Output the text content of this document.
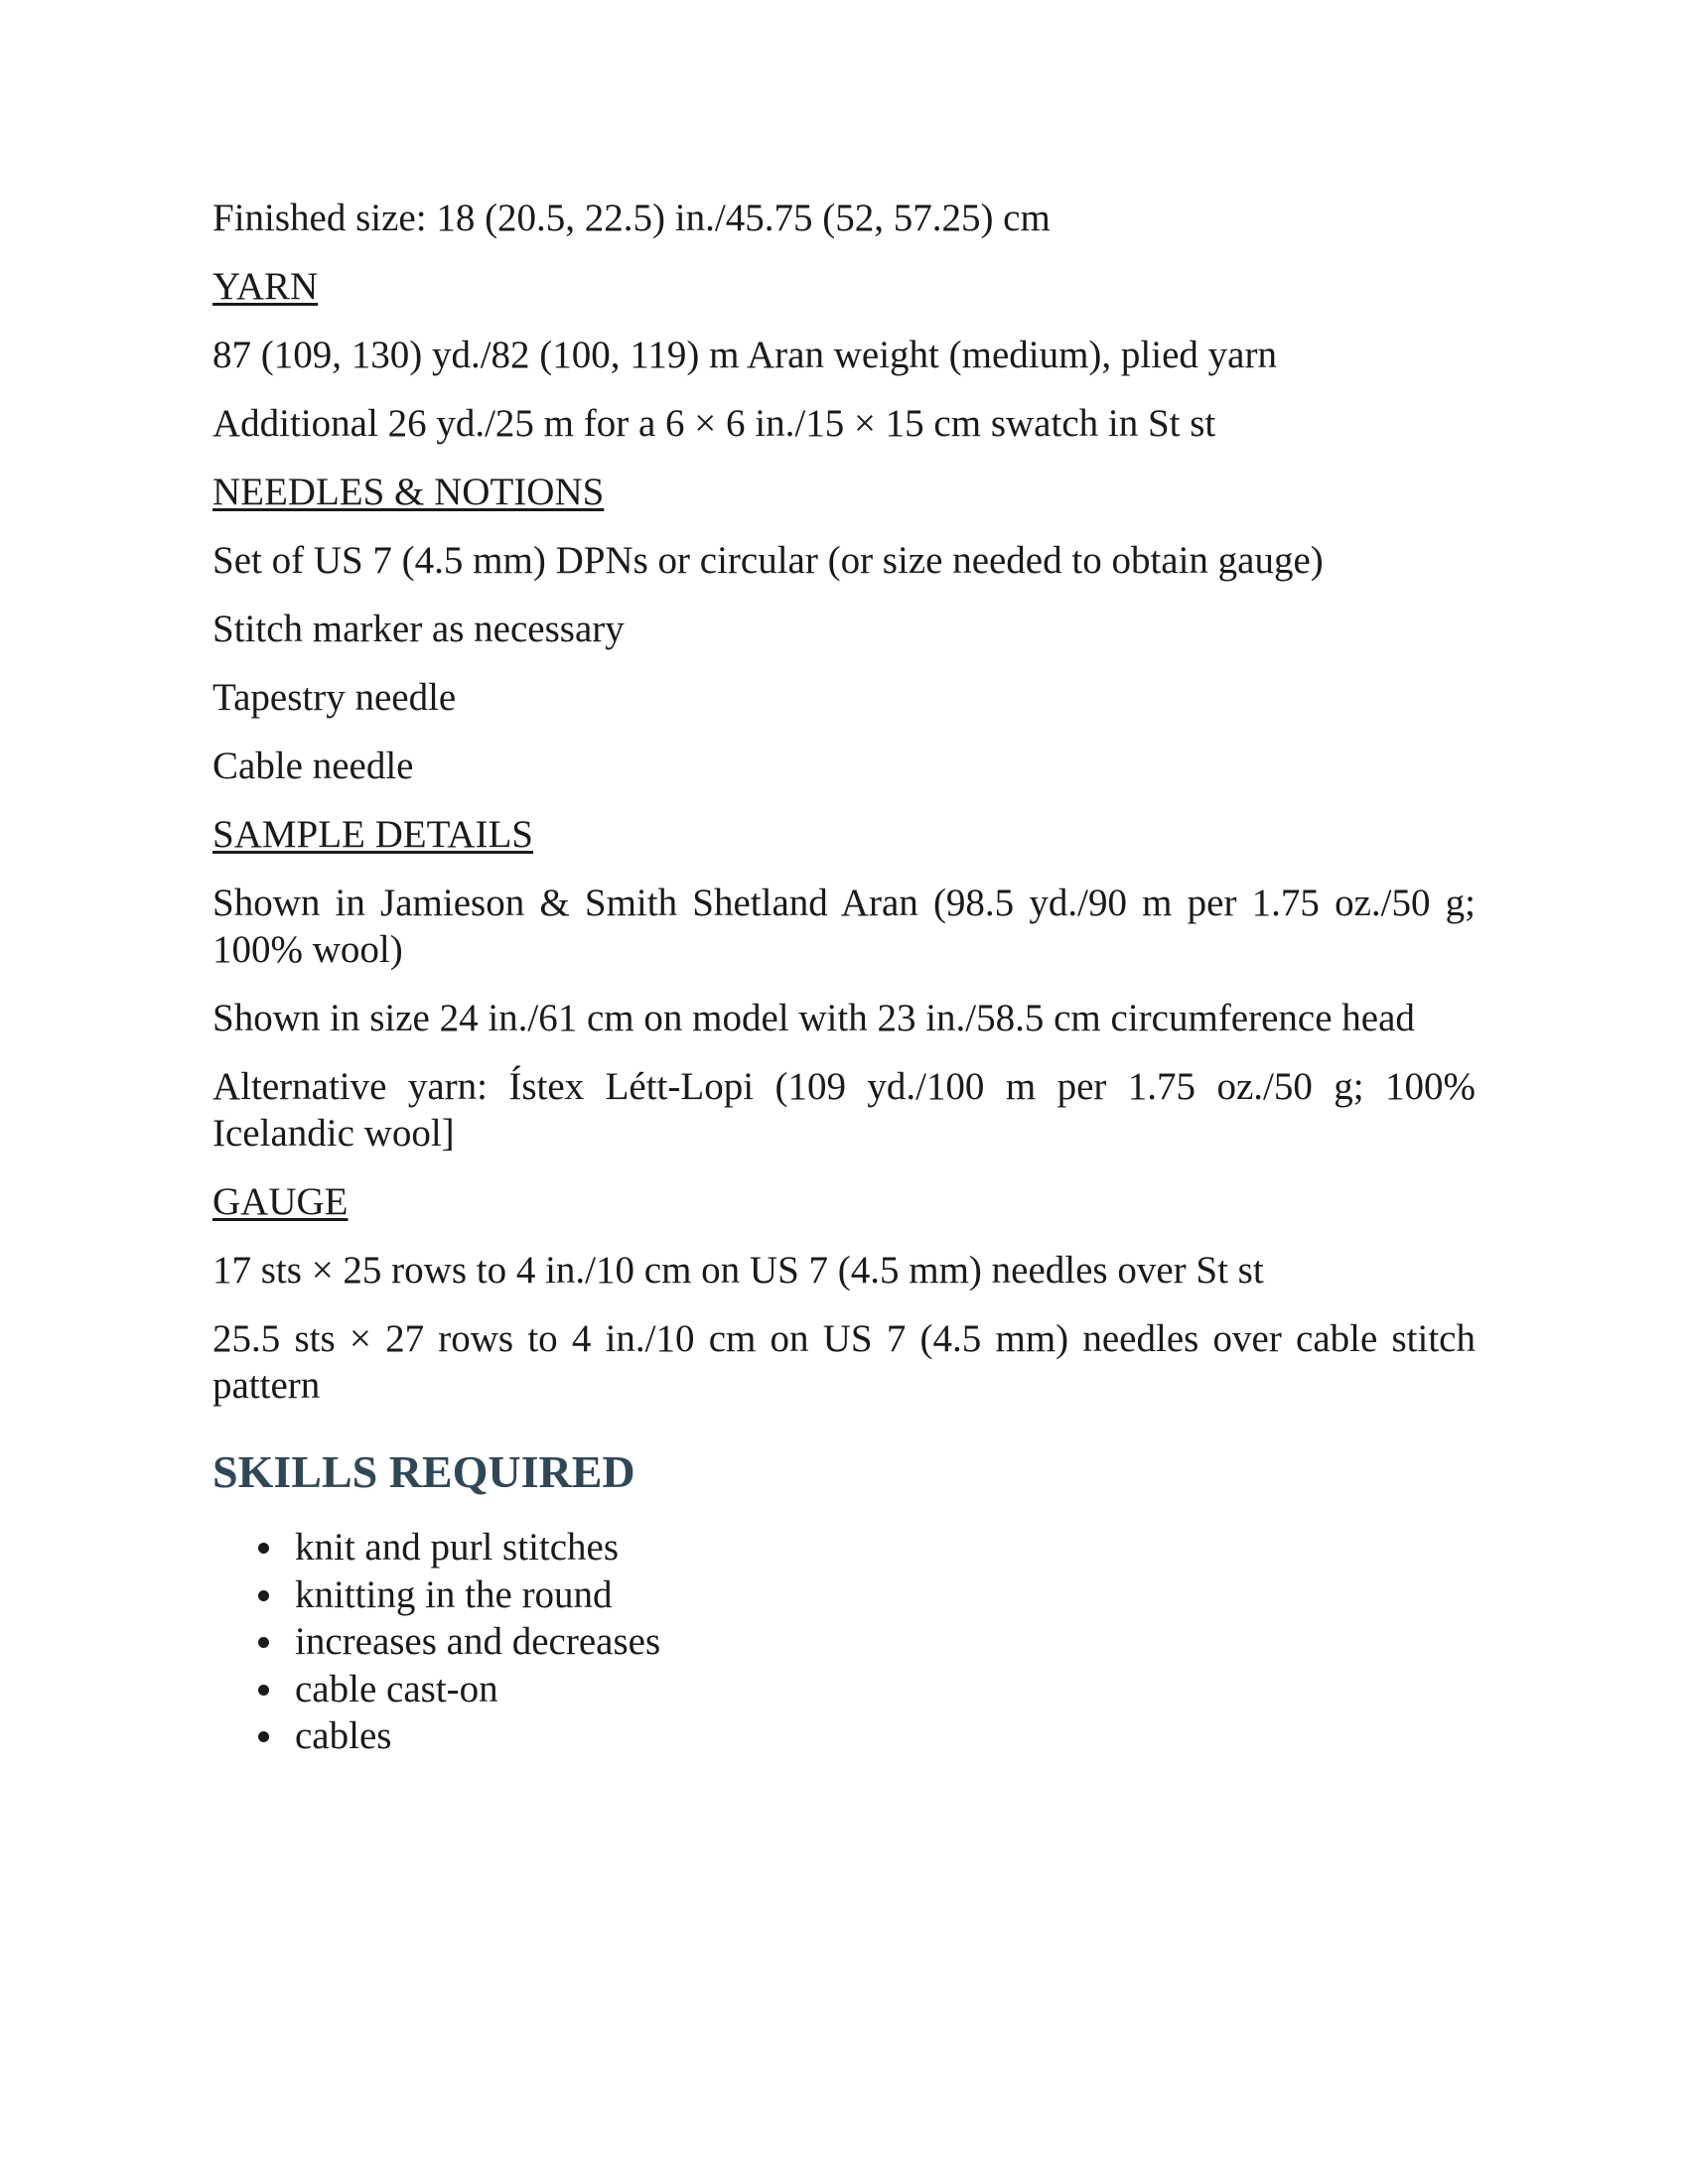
Finished size: 18 (20.5, 22.5) in./45.75 (52, 57.25) cm

YARN

87 (109, 130) yd./82 (100, 119) m Aran weight (medium), plied yarn

Additional 26 yd./25 m for a 6 × 6 in./15 × 15 cm swatch in St st

NEEDLES & NOTIONS

Set of US 7 (4.5 mm) DPNs or circular (or size needed to obtain gauge)

Stitch marker as necessary

Tapestry needle

Cable needle

SAMPLE DETAILS

Shown in Jamieson & Smith Shetland Aran (98.5 yd./90 m per 1.75 oz./50 g; 100% wool)

Shown in size 24 in./61 cm on model with 23 in./58.5 cm circumference head

Alternative yarn: Ístex Létt-Lopi (109 yd./100 m per 1.75 oz./50 g; 100% Icelandic wool]

GAUGE

17 sts × 25 rows to 4 in./10 cm on US 7 (4.5 mm) needles over St st

25.5 sts × 27 rows to 4 in./10 cm on US 7 (4.5 mm) needles over cable stitch pattern

SKILLS REQUIRED
knit and purl stitches
knitting in the round
increases and decreases
cable cast-on
cables
